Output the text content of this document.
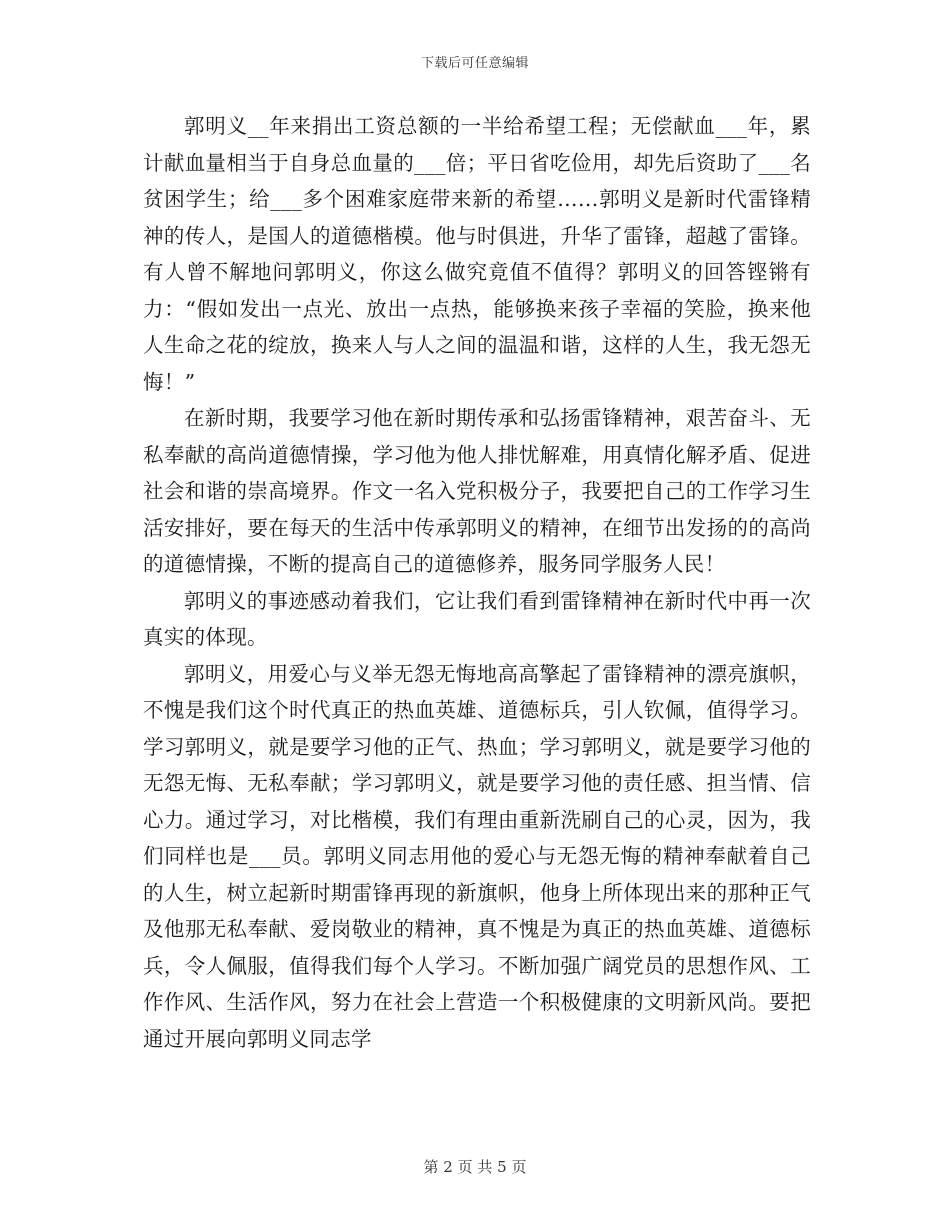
下载后可任意编辑

郭明义__年来捐出工资总额的一半给希望工程；无偿献血___年，累计献血量相当于自身总血量的___倍；平日省吃俭用，却先后资助了___名贫困学生；给___多个困难家庭带来新的希望……郭明义是新时代雷锋精神的传人，是国人的道德楷模。他与时俱进，升华了雷锋，超越了雷锋。有人曾不解地问郭明义，你这么做究竟值不值得？郭明义的回答铿锵有力：“假如发出一点光、放出一点热，能够换来孩子幸福的笑脸，换来他人生命之花的绽放，换来人与人之间的温温和谐，这样的人生，我无怨无悔！”

在新时期，我要学习他在新时期传承和弘扬雷锋精神，艰苦奋斗、无私奉献的高尚道德情操，学习他为他人排忧解难，用真情化解矛盾、促进社会和谐的崇高境界。作文一名入党积极分子，我要把自己的工作学习生活安排好，要在每天的生活中传承郭明义的精神，在细节出发扬的的高尚的道德情操，不断的提高自己的道德修养，服务同学服务人民！

郭明义的事迹感动着我们，它让我们看到雷锋精神在新时代中再一次真实的体现。

郭明义，用爱心与义举无怨无悔地高高擎起了雷锋精神的漂亮旗帜，不愧是我们这个时代真正的热血英雄、道德标兵，引人钦佩，值得学习。学习郭明义，就是要学习他的正气、热血；学习郭明义，就是要学习他的无怨无悔、无私奉献；学习郭明义，就是要学习他的责任感、担当情、信心力。通过学习，对比楷模，我们有理由重新洗刷自己的心灵，因为，我们同样也是___员。郭明义同志用他的爱心与无怨无悔的精神奉献着自己的人生，树立起新时期雷锋再现的新旗帜，他身上所体现出来的那种正气及他那无私奉献、爱岗敬业的精神，真不愧是为真正的热血英雄、道德标兵，令人佩服，值得我们每个人学习。不断加强广阔党员的思想作风、工作作风、生活作风，努力在社会上营造一个积极健康的文明新风尚。要把通过开展向郭明义同志学

第 2 页 共 5 页
